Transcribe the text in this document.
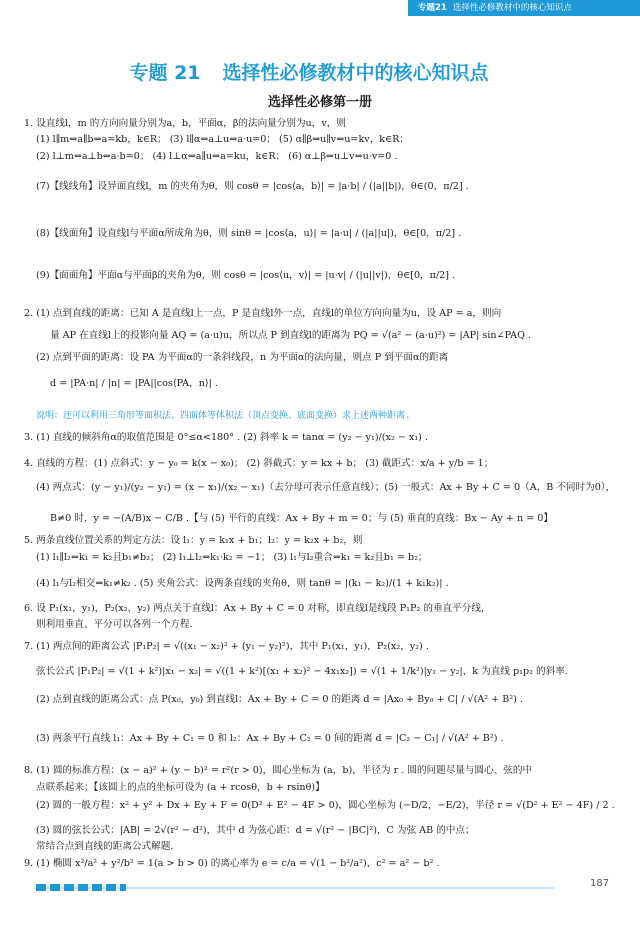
专题21 选择性必修教材中的核心知识点
专题 21 选择性必修教材中的核心知识点
选择性必修第一册
1. 设直线l，m 的方向向量分别为a，b，平面α，β的法向量分别为u，v，则
(1) l∥m⇔a∥b⇔a=kb，k∈R； (3) l∥α⇔a⊥u⇔a·u=0； (5) α∥β⇔u∥v⇔u=kv，k∈R；
(2) l⊥m⇔a⊥b⇔a·b=0； (4) l⊥α⇔a∥u⇔a=ku，k∈R； (6) α⊥β⇔u⊥v⇔u·v=0 .
(7)【线线角】设异面直线l，m 的夹角为θ，则 cosθ = |cos⟨a，b⟩| = |a·b| / (|a||b|)，θ∈(0，π/2] .
(8)【线面角】设直线l与平面α所成角为θ，则 sinθ = |cos⟨a，u⟩| = |a·u| / (|a||u|)，θ∈[0，π/2] .
(9)【面面角】平面α与平面β的夹角为θ，则 cosθ = |cos⟨u，v⟩| = |u·v| / (|u||v|)，θ∈[0，π/2] .
2. (1) 点到直线的距离：已知 A 是直线l上一点，P 是直线l外一点，直线l的单位方向向量为u，设 AP = a，则向
量 AP 在直线l上的投影向量 AQ = (a·u)u，所以点 P 到直线l的距离为 PQ = √(a² − (a·u)²) = |AP| sin∠PAQ .
(2) 点到平面的距离：设 PA 为平面α的一条斜线段，n 为平面α的法向量，则点 P 到平面α的距离
d = |PA·n| / |n| = |PA||cos⟨PA，n⟩| .
说明：还可以利用三角形等面积法、四面体等体积法（顶点变换、底面变换）求上述两种距离.
3. (1) 直线的倾斜角α的取值范围是 0°≤α<180° . (2) 斜率 k = tanα = (y₂ − y₁)/(x₂ − x₁) .
4. 直线的方程：(1) 点斜式：y − y₀ = k(x − x₀)； (2) 斜截式：y = kx + b； (3) 截距式：x/a + y/b = 1；
(4) 两点式：(y − y₁)/(y₂ − y₁) = (x − x₁)/(x₂ − x₁)（去分母可表示任意直线）；(5) 一般式：Ax + By + C = 0（A，B 不同时为0），
B≠0 时，y = −(A/B)x − C/B .【与 (5) 平行的直线：Ax + By + m = 0；与 (5) 垂直的直线：Bx − Ay + n = 0】
5. 两条直线位置关系的判定方法：设 l₁：y = k₁x + b₁；l₂：y = k₂x + b₂，则
(1) l₁∥l₂⇔k₁ = k₂且b₁≠b₂； (2) l₁⊥l₂⇔k₁·k₂ = −1； (3) l₁与l₂重合⇔k₁ = k₂且b₁ = b₂；
(4) l₁与l₂相交⇔k₁≠k₂ . (5) 夹角公式：设两条直线的夹角θ，则 tanθ = |(k₁ − k₂)/(1 + k₁k₂)| .
6. 设 P₁(x₁，y₁)，P₂(x₂，y₂) 两点关于直线l：Ax + By + C = 0 对称，即直线l是线段 P₁P₂ 的垂直平分线，
则利用垂直、平分可以各列一个方程.
7. (1) 两点间的距离公式 |P₁P₂| = √((x₁ − x₂)² + (y₁ − y₂)²)，其中 P₁(x₁，y₁)，P₂(x₂，y₂) .
弦长公式 |P₁P₂| = √(1 + k²)|x₁ − x₂| = √((1 + k²)[(x₁ + x₂)² − 4x₁x₂]) = √(1 + 1/k²)|y₁ − y₂|，k 为直线 p₁p₂ 的斜率.
(2) 点到直线的距离公式：点 P(x₀，y₀) 到直线l：Ax + By + C = 0 的距离 d = |Ax₀ + By₀ + C| / √(A² + B²) .
(3) 两条平行直线 l₁：Ax + By + C₁ = 0 和 l₂：Ax + By + C₂ = 0 间的距离 d = |C₂ − C₁| / √(A² + B²) .
8. (1) 圆的标准方程：(x − a)² + (y − b)² = r²(r > 0)，圆心坐标为 (a，b)，半径为 r . 圆的问题尽量与圆心、弦的中
点联系起来；【该圆上的点的坐标可设为 (a + rcosθ，b + rsinθ)】
(2) 圆的一般方程：x² + y² + Dx + Ey + F = 0(D² + E² − 4F > 0)，圆心坐标为 (−D/2，−E/2)，半径 r = √(D² + E² − 4F) / 2 .
(3) 圆的弦长公式：|AB| = 2√(r² − d²)，其中 d 为弦心距：d = √(r² − |BC|²)，C 为弦 AB 的中点；
常结合点到直线的距离公式解题.
9. (1) 椭圆 x²/a² + y²/b² = 1(a > b > 0) 的离心率为 e = c/a = √(1 − b²/a²)，c² = a² − b² .
187
